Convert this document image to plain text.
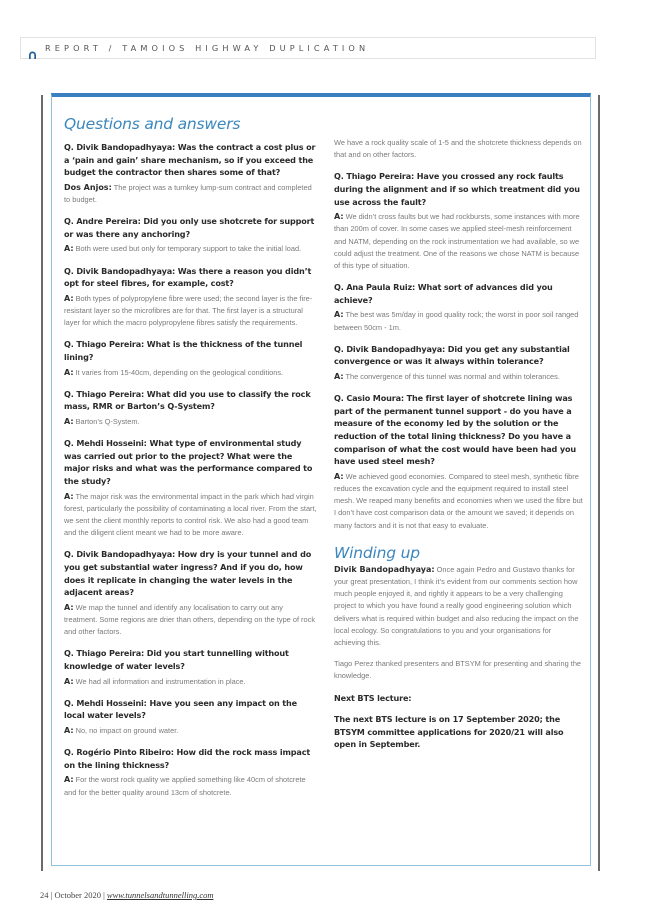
REPORT / TAMOIOS HIGHWAY DUPLICATION
Questions and answers

Q. Divik Bandopadhyaya: Was the contract a cost plus or a ‘pain and gain’ share mechanism, so if you exceed the budget the contractor then shares some of that?

Dos Anjos: The project was a turnkey lump-sum contract and completed to budget.

Q. Andre Pereira: Did you only use shotcrete for support or was there any anchoring?

A: Both were used but only for temporary support to take the initial load.

Q. Divik Bandopadhyaya: Was there a reason you didn’t opt for steel fibres, for example, cost?

A: Both types of polypropylene fibre were used; the second layer is the fire-resistant layer so the microfibres are for that. The first layer is a structural layer for which the macro polypropylene fibres satisfy the requirements.

Q. Thiago Pereira: What is the thickness of the tunnel lining?

A: It varies from 15-40cm, depending on the geological conditions.

Q. Thiago Pereira: What did you use to classify the rock mass, RMR or Barton’s Q-System?

A: Barton’s Q-System.

Q. Mehdi Hosseini: What type of environmental study was carried out prior to the project? What were the major risks and what was the performance compared to the study?

A: The major risk was the environmental impact in the park which had virgin forest, particularly the possibility of contaminating a local river. From the start, we sent the client monthly reports to control risk. We also had a good team and the diligent client meant we had to be more aware.

Q. Divik Bandopadhyaya: How dry is your tunnel and do you get substantial water ingress? And if you do, how does it replicate in changing the water levels in the adjacent areas?

A: We map the tunnel and identify any localisation to carry out any treatment. Some regions are drier than others, depending on the type of rock and other factors.

Q. Thiago Pereira: Did you start tunnelling without knowledge of water levels?

A: We had all information and instrumentation in place.

Q. Mehdi Hosseini: Have you seen any impact on the local water levels?

A: No, no impact on ground water.

Q. Rogério Pinto Ribeiro: How did the rock mass impact on the lining thickness?

A: For the worst rock quality we applied something like 40cm of shotcrete and for the better quality around 13cm of shotcrete.

We have a rock quality scale of 1-5 and the shotcrete thickness depends on that and on other factors.

Q. Thiago Pereira: Have you crossed any rock faults during the alignment and if so which treatment did you use across the fault?

A: We didn’t cross faults but we had rockbursts, some instances with more than 200m of cover. In some cases we applied steel-mesh reinforcement and NATM, depending on the rock instrumentation we had available, so we could adjust the treatment. One of the reasons we chose NATM is because of this type of situation.

Q. Ana Paula Ruiz: What sort of advances did you achieve?

A: The best was 5m/day in good quality rock; the worst in poor soil ranged between 50cm - 1m.

Q. Divik Bandopadhyaya: Did you get any substantial convergence or was it always within tolerance?

A: The convergence of this tunnel was normal and within tolerances.

Q. Casio Moura: The first layer of shotcrete lining was part of the permanent tunnel support - do you have a measure of the economy led by the solution or the reduction of the total lining thickness? Do you have a comparison of what the cost would have been had you have used steel mesh?

A: We achieved good economies. Compared to steel mesh, synthetic fibre reduces the excavation cycle and the equipment required to install steel mesh. We reaped many benefits and economies when we used the fibre but I don’t have cost comparison data or the amount we saved; it depends on many factors and it is not that easy to evaluate.

Winding up

Divik Bandopadhyaya: Once again Pedro and Gustavo thanks for your great presentation, I think it’s evident from our comments section how much people enjoyed it, and rightly it appears to be a very challenging project to which you have found a really good engineering solution which delivers what is required within budget and also reducing the impact on the local ecology. So congratulations to you and your organisations for achieving this.

Tiago Perez thanked presenters and BTSYM for presenting and sharing the knowledge.

Next BTS lecture:

The next BTS lecture is on 17 September 2020; the BTSYM committee applications for 2020/21 will also open in September.

24 | October 2020 | www.tunnelsandtunnelling.com
